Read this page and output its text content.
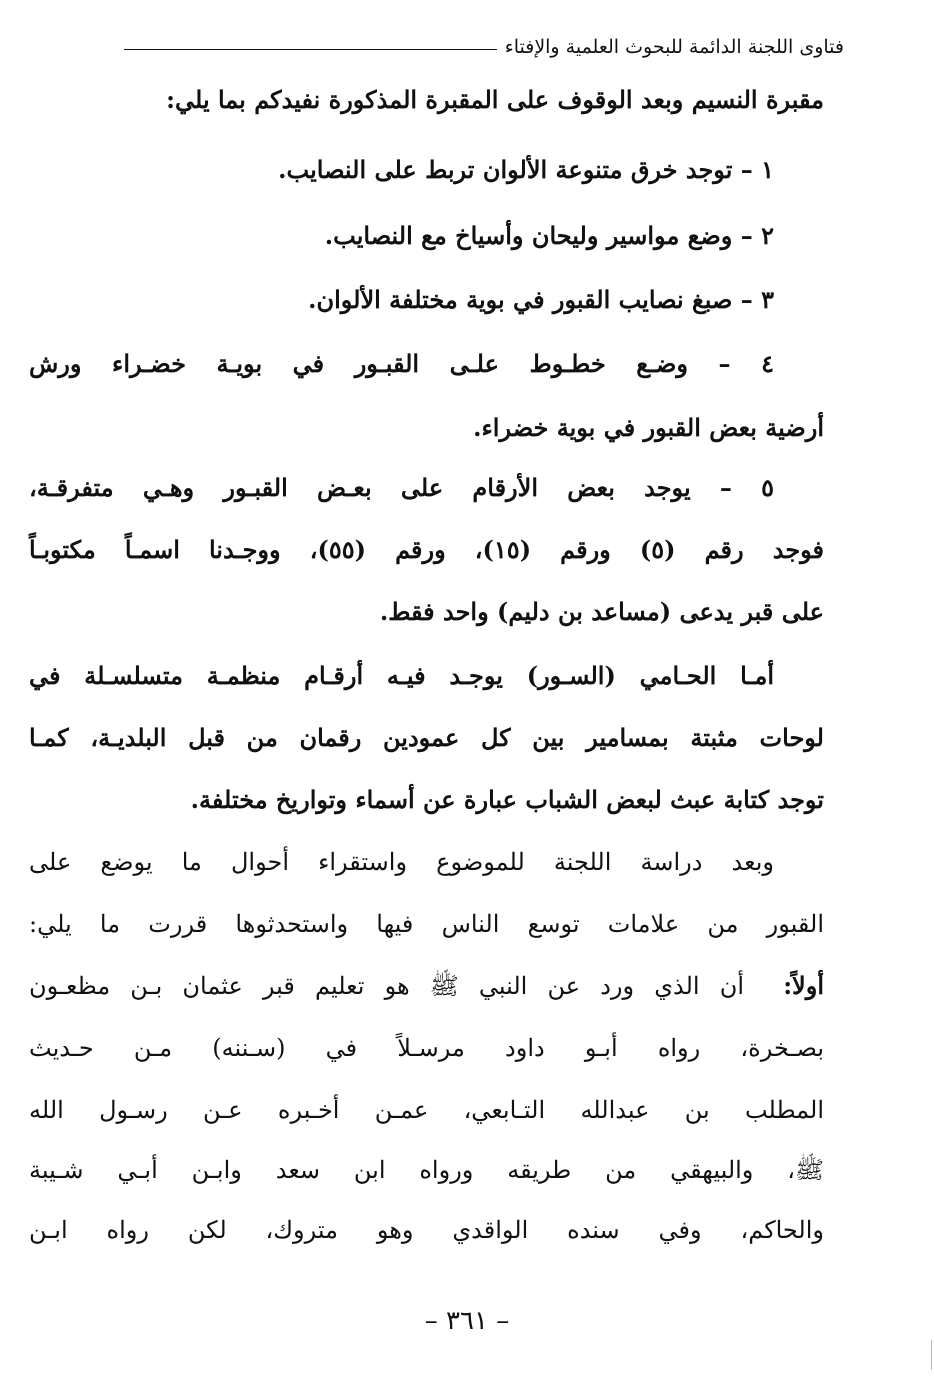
فتاوى اللجنة الدائمة للبحوث العلمية والإفتاء
مقبرة النسيم وبعد الوقوف على المقبرة المذكورة نفيدكم بما يلي:
١ – توجد خرق متنوعة الألوان تربط على النصايب.
٢ – وضع مواسير وليحان وأسياخ مع النصايب.
٣ – صبغ نصايب القبور في بوية مختلفة الألوان.
٤ – وضـع خطـوط علـى القبـور في بويـة خضـراء ورش
أرضية بعض القبور في بوية خضراء.
٥ – يوجد بعض الأرقام على بعـض القبـور وهـي متفرقـة،
فوجد رقم (٥) ورقم (١٥)، ورقم (٥٥)، ووجـدنا اسمـاً مكتوبـاً
على قبر يدعى (مساعد بن دليم) واحد فقط.
أمـا الحـامي (السـور) يوجـد فيـه أرقـام منظمـة متسلسـلة في
لوحات مثبتة بمسامير بين كل عمودين رقمان من قبل البلديـة، كمـا
توجد كتابة عبث لبعض الشباب عبارة عن أسماء وتواريخ مختلفة.
وبعد دراسة اللجنة للموضوع واستقراء أحوال ما يوضع على
القبور من علامات توسع الناس فيها واستحدثوها قررت ما يلي:
أولاً:
أن الذي ورد عن النبي ﷺ هو تعليم قبر عثمان بـن مظعـون
بصـخرة، رواه أبـو داود مرسـلاً في (سـننه) مـن حـديث
المطلب بن عبدالله التـابعي، عمـن أخـبره عـن رسـول الله
ﷺ، والبيهقي من طريقه ورواه ابن سعد وابـن أبـي شـيبة
والحاكم، وفي سنده الواقدي وهو متروك، لكن رواه ابـن
– ٣٦١ –
